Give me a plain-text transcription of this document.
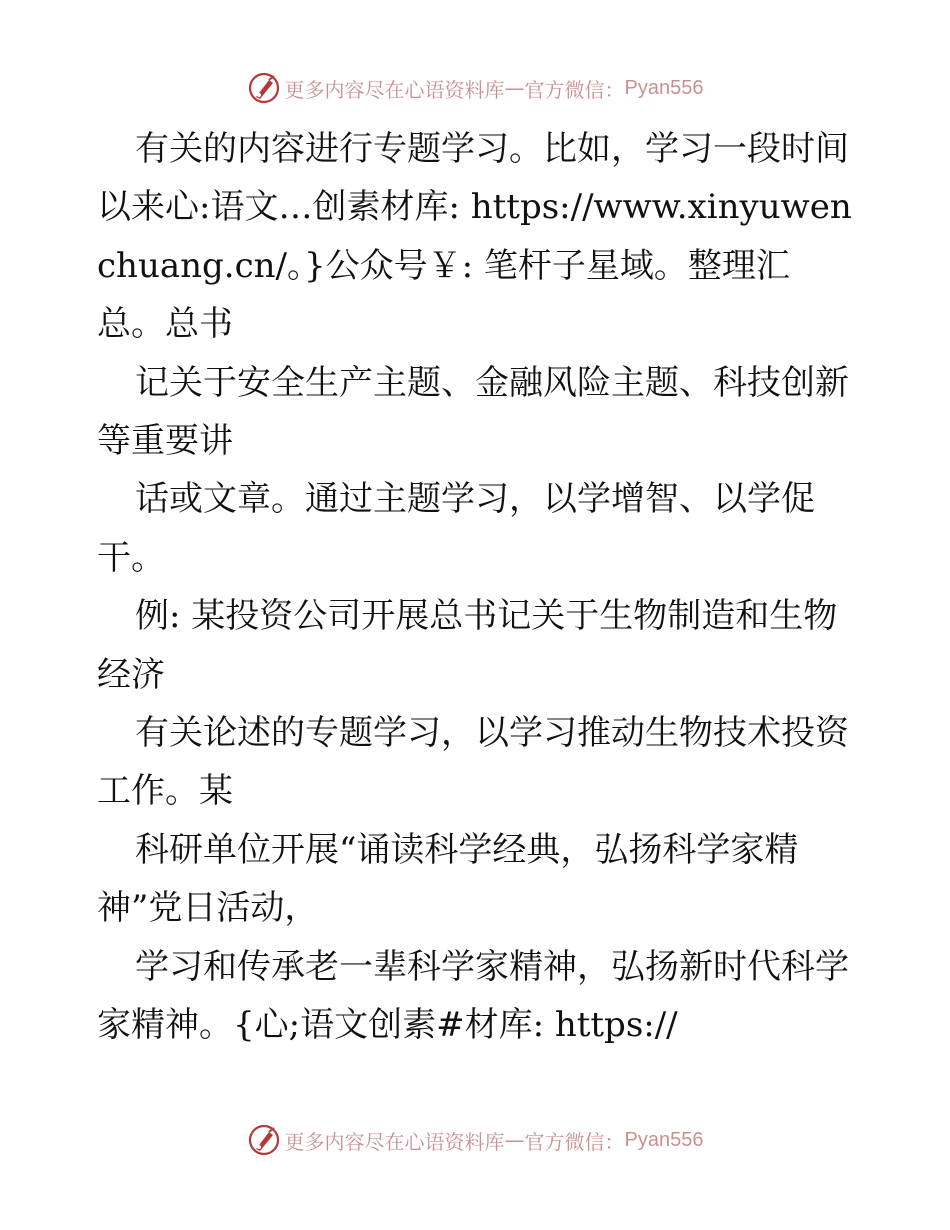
更多内容尽在心语资料库 — 官方微信： Pyan556

有关的内容进行专题学习。比如，学习一段时间以来心:语文…创素材库: https://www.xinyuwenchuang.cn/。}公众号￥: 笔杆子星域。整理汇总。总书

记关于安全生产主题、金融风险主题、科技创新等重要讲

话或文章。通过主题学习，以学增智、以学促干。

例: 某投资公司开展总书记关于生物制造和生物经济

有关论述的专题学习，以学习推动生物技术投资工作。某

科研单位开展“诵读科学经典，弘扬科学家精神”党日活动，

学习和传承老一辈科学家精神，弘扬新时代科学家精神。{心;语文创素#材库: https://

更多内容尽在心语资料库 — 官方微信： Pyan556
